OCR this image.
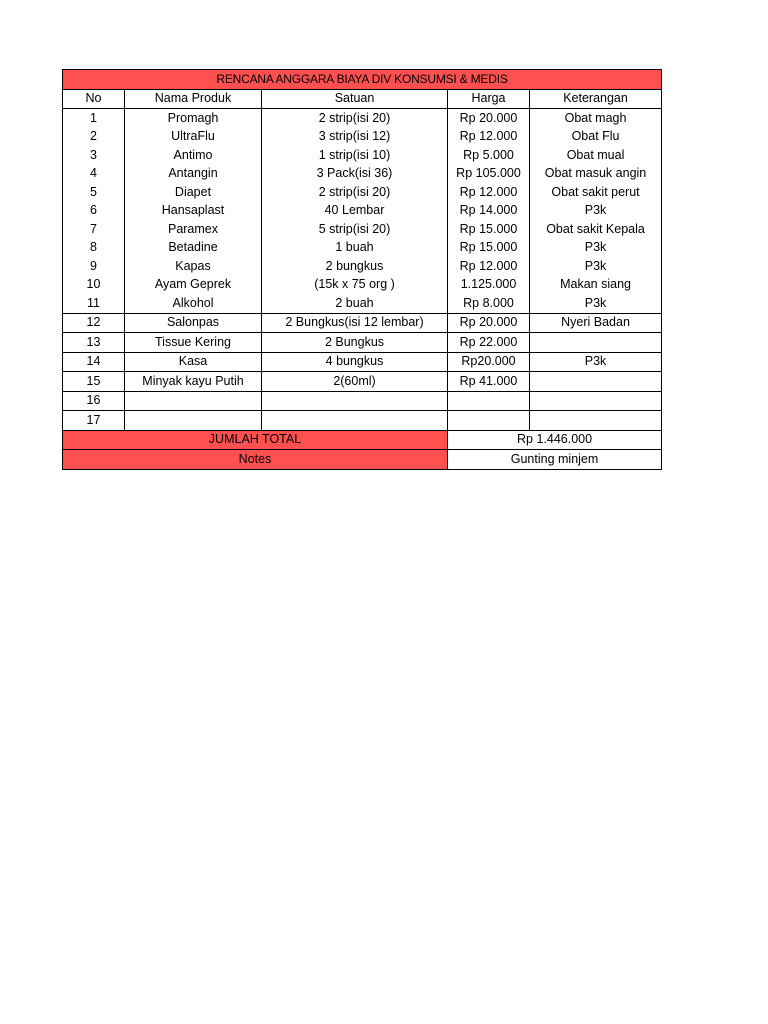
RENCANA ANGGARA BIAYA DIV KONSUMSI & MEDIS				
No	Nama Produk	Satuan	Harga	Keterangan
1	Promagh	2 strip(isi 20)	Rp 20.000	Obat magh
2	UltraFlu	3 strip(isi 12)	Rp 12.000	Obat Flu
3	Antimo	1 strip(isi 10)	Rp 5.000	Obat mual
4	Antangin	3 Pack(isi 36)	Rp 105.000	Obat masuk angin
5	Diapet	2 strip(isi 20)	Rp 12.000	Obat sakit perut
6	Hansaplast	40 Lembar	Rp 14.000	P3k
7	Paramex	5 strip(isi 20)	Rp 15.000	Obat sakit Kepala
8	Betadine	1 buah	Rp 15.000	P3k
9	Kapas	2 bungkus	Rp 12.000	P3k
10	Ayam Geprek	(15k x 75 org )	1.125.000	Makan siang
11	Alkohol	2 buah	Rp 8.000	P3k
12	Salonpas	2 Bungkus(isi 12 lembar)	Rp 20.000	Nyeri Badan
13	Tissue Kering	2 Bungkus	Rp 22.000	
14	Kasa	4 bungkus	Rp20.000	P3k
15	Minyak kayu Putih	2(60ml)	Rp 41.000	
16				
17				
JUMLAH TOTAL			Rp 1.446.000	
Notes			Gunting minjem	
